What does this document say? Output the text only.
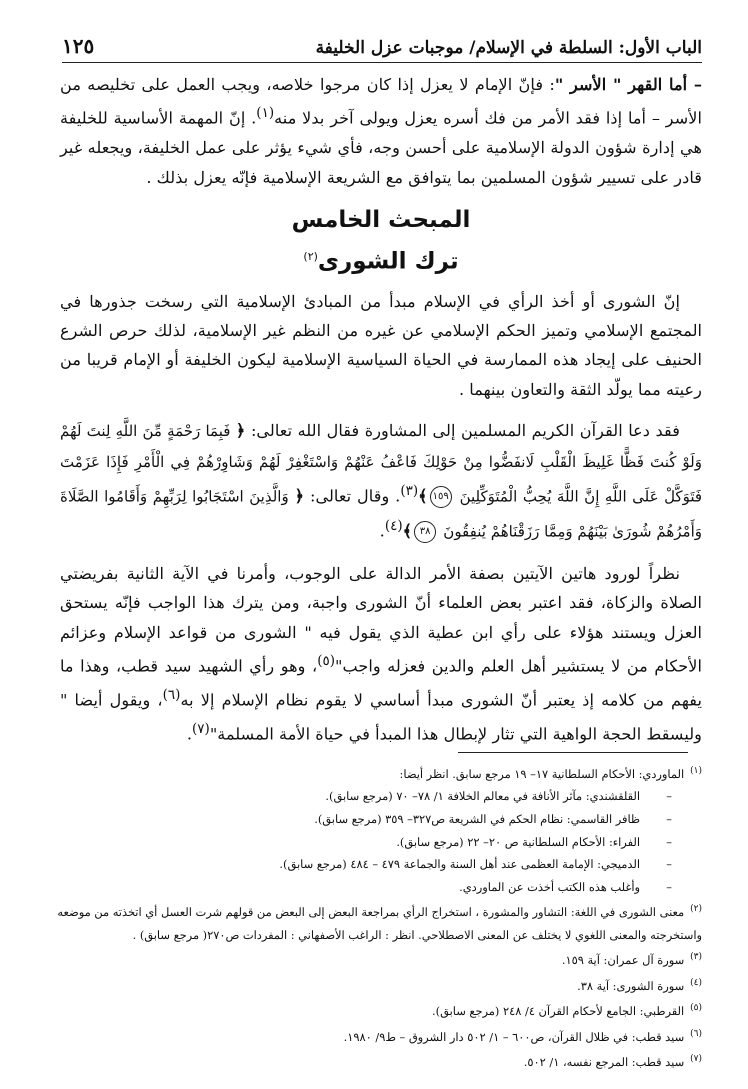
الباب الأول: السلطة في الإسلام/ موجبات عزل الخليفة
١٢٥

– أما القهر " الأسر ": فإنّ الإمام لا يعزل إذا كان مرجوا خلاصه، ويجب العمل على تخليصه من الأسر – أما إذا فقد الأمر من فك أسره يعزل ويولى آخر بدلا منه$^{(١)}$. إنّ المهمة الأساسية للخليفة هي إدارة شؤون الدولة الإسلامية على أحسن وجه، فأي شيء يؤثر على عمل الخليفة، ويجعله غير قادر على تسيير شؤون المسلمين بما يتوافق مع الشريعة الإسلامية فإنّه يعزل بذلك .

المبحث الخامس
ترك الشورى$^{(٢)}$

إنّ الشورى أو أخذ الرأي في الإسلام مبدأ من المبادئ الإسلامية التي رسخت جذورها في المجتمع الإسلامي وتميز الحكم الإسلامي عن غيره من النظم غير الإسلامية، لذلك حرص الشرع الحنيف على إيجاد هذه الممارسة في الحياة السياسية الإسلامية ليكون الخليفة أو الإمام قريبا من رعيته مما يولّد الثقة والتعاون بينهما .

فقد دعا القرآن الكريم المسلمين إلى المشاورة فقال الله تعالى: ﴿ فَبِمَا رَحْمَةٍ مِّنَ اللَّهِ لِنتَ لَهُمْ وَلَوْ كُنتَ فَظًّا غَلِيظَ الْقَلْبِ لَانفَضُّوا مِنْ حَوْلِكَ فَاعْفُ عَنْهُمْ وَاسْتَغْفِرْ لَهُمْ وَشَاوِرْهُمْ فِي الْأَمْرِ فَإِذَا عَزَمْتَ فَتَوَكَّلْ عَلَى اللَّهِ إِنَّ اللَّهَ يُحِبُّ الْمُتَوَكِّلِينَ ١٥٩﴾$^{(٣)}$. وقال تعالى: ﴿ وَالَّذِينَ اسْتَجَابُوا لِرَبِّهِمْ وَأَقَامُوا الصَّلَاةَ وَأَمْرُهُمْ شُورَىٰ بَيْنَهُمْ وَمِمَّا رَزَقْنَاهُمْ يُنفِقُونَ ٣٨﴾$^{(٤)}$.

نظراً لورود هاتين الآيتين بصفة الأمر الدالة على الوجوب، وأمرنا في الآية الثانية بفريضتي الصلاة والزكاة، فقد اعتبر بعض العلماء أنّ الشورى واجبة، ومن يترك هذا الواجب فإنّه يستحق العزل ويستند هؤلاء على رأي ابن عطية الذي يقول فيه " الشورى من قواعد الإسلام وعزائم الأحكام من لا يستشير أهل العلم والدين فعزله واجب"$^{(٥)}$، وهو رأي الشهيد سيد قطب، وهذا ما يفهم من كلامه إذ يعتبر أنّ الشورى مبدأ أساسي لا يقوم نظام الإسلام إلا به$^{(٦)}$، ويقول أيضا " وليسقط الحجة الواهية التي تثار لإبطال هذا المبدأ في حياة الأمة المسلمة"$^{(٧)}$.

$^{(١)}$الماوردي: الأحكام السلطانية ١٧– ١٩ مرجع سابق. انظر أيضا:

– القلقشندي: مآثر الأنافة في معالم الخلافة ١/ ٧٨– ٧٠ (مرجع سابق).

– ظافر القاسمي: نظام الحكم في الشريعة ص٣٢٧– ٣٥٩ (مرجع سابق).

– الفراء: الأحكام السلطانية ص ٢٠– ٢٢ (مرجع سابق).

– الدميجي: الإمامة العظمى عند أهل السنة والجماعة ٤٧٩ – ٤٨٤ (مرجع سابق).

– وأغلب هذه الكتب أخذت عن الماوردي.

$^{(٢)}$معنى الشورى في اللغة: التشاور والمشورة ، استخراج الرأي بمراجعة البعض إلى البعض من قولهم شرت العسل أي اتخذته من موضعه

واستخرجته والمعنى اللغوي لا يختلف عن المعنى الاصطلاحي. انظر : الراغب الأصفهاني : المفردات ص٢٧٠( مرجع سابق) .

$^{(٣)}$سورة آل عمران: آية ١٥٩.

$^{(٤)}$سورة الشورى: آية ٣٨.

$^{(٥)}$القرطبي: الجامع لأحكام القرآن ٤/ ٢٤٨ (مرجع سابق).

$^{(٦)}$سيد قطب: في ظلال القرآن، ص٦٠٠ – ١/ ٥٠٢ دار الشروق – ط٩/ ١٩٨٠.

$^{(٧)}$سيد قطب: المرجع نفسه، ١/ ٥٠٢.
